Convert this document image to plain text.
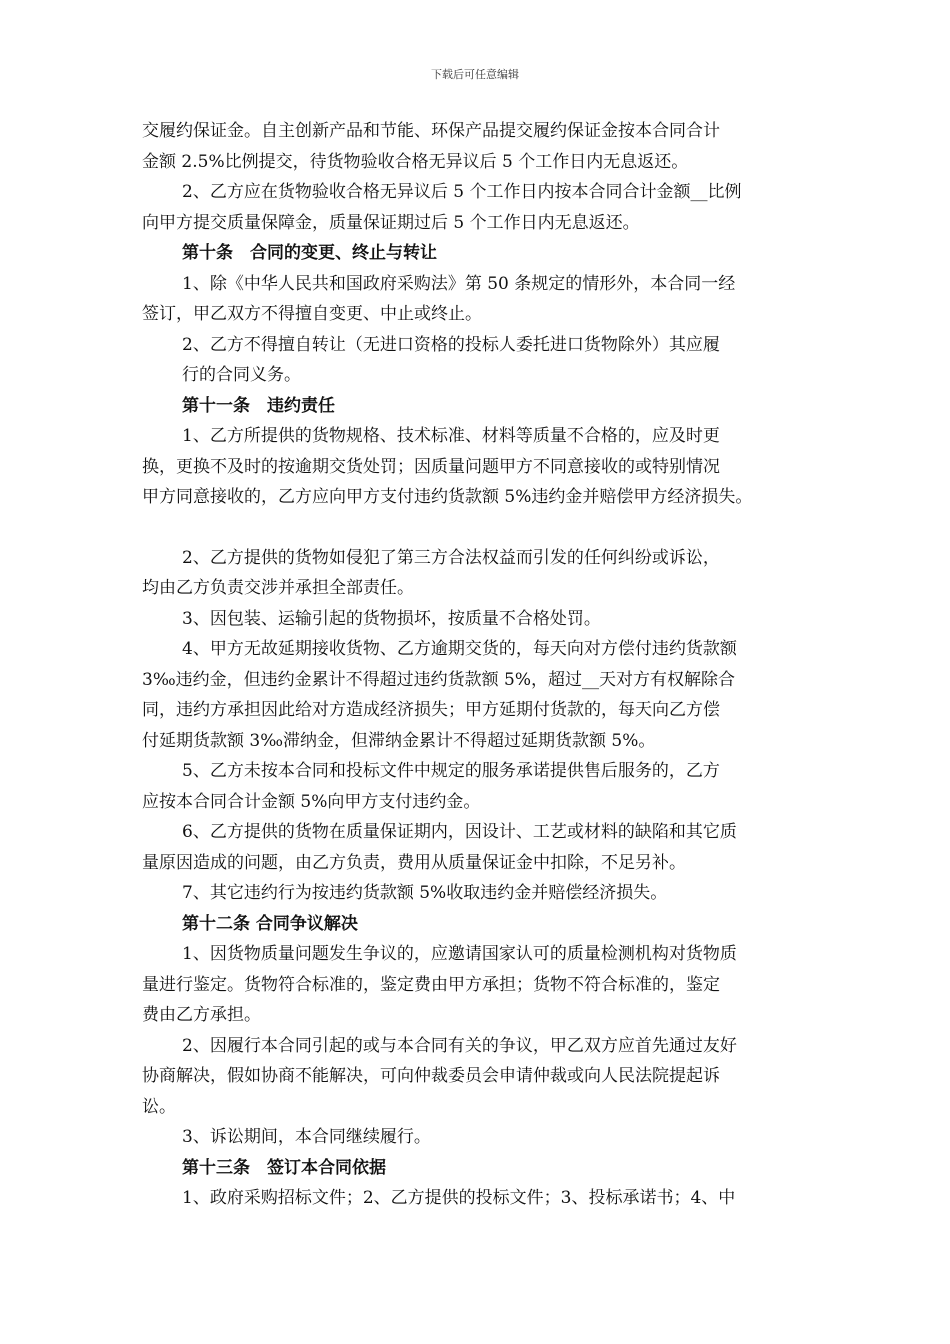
下载后可任意编辑
交履约保证金。自主创新产品和节能、环保产品提交履约保证金按本合同合计
金额 2.5%比例提交，待货物验收合格无异议后 5 个工作日内无息返还。
2、乙方应在货物验收合格无异议后 5 个工作日内按本合同合计金额__比例
向甲方提交质量保障金，质量保证期过后 5 个工作日内无息返还。
第十条　合同的变更、终止与转让
1、除《中华人民共和国政府采购法》第 50 条规定的情形外，本合同一经
签订，甲乙双方不得擅自变更、中止或终止。
2、乙方不得擅自转让（无进口资格的投标人委托进口货物除外）其应履
行的合同义务。
第十一条　违约责任
1、乙方所提供的货物规格、技术标准、材料等质量不合格的，应及时更
换，更换不及时的按逾期交货处罚；因质量问题甲方不同意接收的或特别情况
甲方同意接收的，乙方应向甲方支付违约货款额 5%违约金并赔偿甲方经济损失。
2、乙方提供的货物如侵犯了第三方合法权益而引发的任何纠纷或诉讼，
均由乙方负责交涉并承担全部责任。
3、因包装、运输引起的货物损坏，按质量不合格处罚。
4、甲方无故延期接收货物、乙方逾期交货的，每天向对方偿付违约货款额
3‰违约金，但违约金累计不得超过违约货款额 5%，超过__天对方有权解除合
同，违约方承担因此给对方造成经济损失；甲方延期付货款的，每天向乙方偿
付延期货款额 3‰滞纳金，但滞纳金累计不得超过延期货款额 5%。
5、乙方未按本合同和投标文件中规定的服务承诺提供售后服务的，乙方
应按本合同合计金额 5%向甲方支付违约金。
6、乙方提供的货物在质量保证期内，因设计、工艺或材料的缺陷和其它质
量原因造成的问题，由乙方负责，费用从质量保证金中扣除，不足另补。
7、其它违约行为按违约货款额 5%收取违约金并赔偿经济损失。
第十二条 合同争议解决
1、因货物质量问题发生争议的，应邀请国家认可的质量检测机构对货物质
量进行鉴定。货物符合标准的，鉴定费由甲方承担；货物不符合标准的，鉴定
费由乙方承担。
2、因履行本合同引起的或与本合同有关的争议，甲乙双方应首先通过友好
协商解决，假如协商不能解决，可向仲裁委员会申请仲裁或向人民法院提起诉
讼。
3、诉讼期间，本合同继续履行。
第十三条　签订本合同依据
1、政府采购招标文件；2、乙方提供的投标文件；3、投标承诺书；4、中
